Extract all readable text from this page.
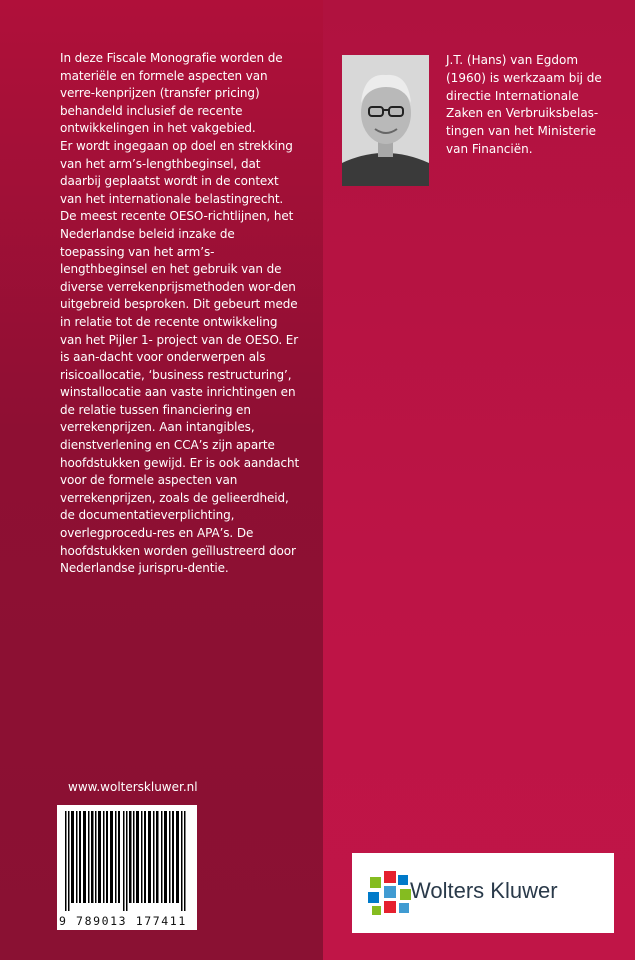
In deze Fiscale Monografie worden de materiële en formele aspecten van verre-kenprijzen (transfer pricing) behandeld inclusief de recente ontwikkelingen in het vakgebied.

Er wordt ingegaan op doel en strekking van het arm’s-lengthbeginsel, dat daarbij geplaatst wordt in de context van het internationale belastingrecht.

De meest recente OESO-richtlijnen, het Nederlandse beleid inzake de toepassing van het arm’s-lengthbeginsel en het gebruik van de diverse verrekenprijsmethoden wor-den uitgebreid besproken. Dit gebeurt mede in relatie tot de recente ontwikkeling van het Pijler 1- project van de OESO. Er is aan-dacht voor onderwerpen als risicoallocatie, ‘business restructuring’, winstallocatie aan vaste inrichtingen en de relatie tussen financiering en verrekenprijzen. Aan intangibles, dienstverlening en CCA’s zijn aparte hoofdstukken gewijd. Er is ook aandacht voor de formele aspecten van verrekenprijzen, zoals de gelieerdheid, de documentatieverplichting, overlegprocedu-res en APA’s. De hoofdstukken worden geïllustreerd door Nederlandse jurispru-dentie.

www.wolterskluwer.nl
9 789013 177411
J.T. (Hans) van Egdom (1960) is werkzaam bij de directie Internationale Zaken en Verbruiksbelas-tingen van het Ministerie van Financiën.
Wolters Kluwer
